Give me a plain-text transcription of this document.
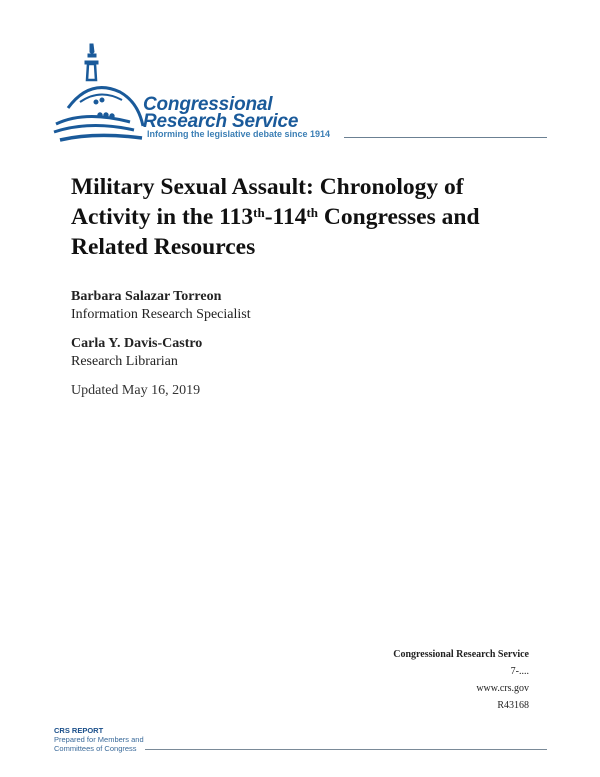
Congressional
Research Service
Informing the legislative debate since 1914
Military Sexual Assault: Chronology of Activity in the 113th-114th Congresses and Related Resources
Barbara Salazar Torreon
Information Research Specialist
Carla Y. Davis-Castro
Research Librarian
Updated May 16, 2019
Congressional Research Service
7-....
www.crs.gov
R43168
CRS REPORT
Prepared for Members and
Committees of Congress
